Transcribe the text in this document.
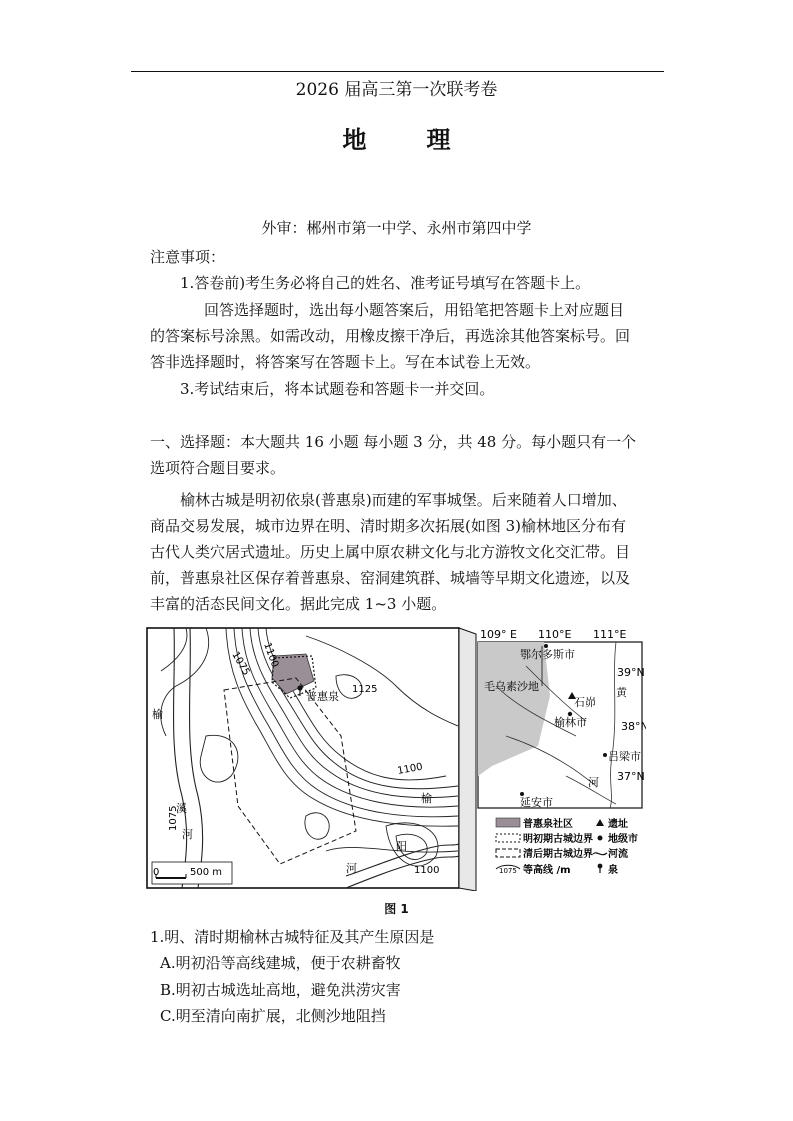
2026 届高三第一次联考卷
地理
外审：郴州市第一中学、永州市第四中学
注意事项：
1.答卷前)考生务必将自己的姓名、准考证号填写在答题卡上。
回答选择题时，选出每小题答案后，用铅笔把答题卡上对应题目
的答案标号涂黑。如需改动，用橡皮擦干净后，再选涂其他答案标号。回
答非选择题时，将答案写在答题卡上。写在本试卷上无效。
3.考试结束后，将本试题卷和答题卡一并交回。
一、选择题：本大题共 16 小题 每小题 3 分，共 48 分。每小题只有一个
选项符合题目要求。
榆林古城是明初依泉(普惠泉)而建的军事城堡。后来随着人口增加、
商品交易发展，城市边界在明、清时期多次拓展(如图 3)榆林地区分布有
古代人类穴居式遗址。历史上属中原农耕文化与北方游牧文化交汇带。目
前，普惠泉社区保存着普惠泉、窑洞建筑群、城墙等早期文化遗迹，以及
丰富的活态民间文化。据此完成 1~3 小题。
普惠泉
1100
1075
1125
1100
1075
1100
榆
溪
河
榆
阳
河
0	500 m
109° E 110°E 111°E
39°N
38°N
37°N
鄂尔多斯市
毛乌素沙地
石峁
榆林市
吕梁市
延安市
黄
河
普惠泉社区
明初期古城边界
清后期古城边界
1075 等高线 /m
遗址
地级市
河流
泉
图 1
1.明、清时期榆林古城特征及其产生原因是
A.明初沿等高线建城，便于农耕畜牧
B.明初古城选址高地，避免洪涝灾害
C.明至清向南扩展，北侧沙地阻挡
